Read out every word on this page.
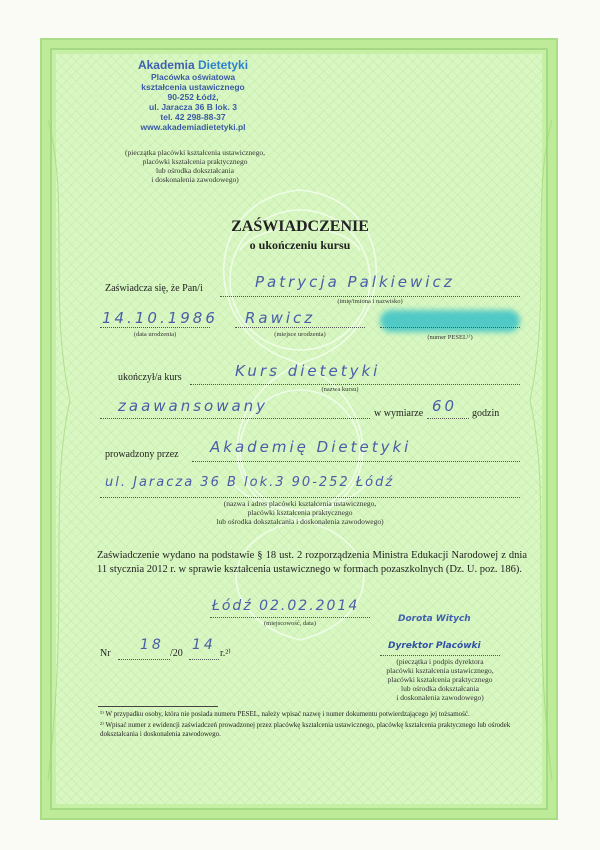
Akademia Dietetyki
Placówka oświatowa
kształcenia ustawicznego
90-252 Łódź,
ul. Jaracza 36 B lok. 3
tel. 42 298-88-37
www.akademiadietetyki.pl
(pieczątka placówki kształcenia ustawicznego,
placówki kształcenia praktycznego
lub ośrodka dokształcania
i doskonalenia zawodowego)
ZAŚWIADCZENIE
o ukończeniu kursu
Zaświadcza się, że Pan/i	Patrycja Palkiewicz
(imię/imiona i nazwisko)
14.10.1986
(data urodzenia)
Rawicz
(miejsce urodzenia)	(numer PESEL¹⁾)
ukończył/a kurs	Kurs dietetyki
(nazwa kursu)
zaawansowany	w wymiarze 60 godzin
prowadzony przez Akademię Dietetyki
ul. Jaracza 36 B lok.3 90-252 Łódź
(nazwa i adres placówki kształcenia ustawicznego,
placówki kształcenia praktycznego
lub ośrodka dokształcania i doskonalenia zawodowego)
Zaświadczenie wydano na podstawie § 18 ust. 2 rozporządzenia Ministra Edukacji Narodowej z dnia 11 stycznia 2012 r. w sprawie kształcenia ustawicznego w formach pozaszkolnych (Dz. U. poz. 186).
Łódź 02.02.2014
(miejscowość, data)	Dorota Witych
Nr
18
/20
14
r.²⁾
Dyrektor Placówki
(pieczątka i podpis dyrektora
placówki kształcenia ustawicznego,
placówki kształcenia praktycznego
lub ośrodka dokształcania
i doskonalenia zawodowego)
¹⁾ W przypadku osoby, która nie posiada numeru PESEL, należy wpisać nazwę i numer dokumentu potwierdzającego jej tożsamość.
²⁾ Wpisać numer z ewidencji zaświadczeń prowadzonej przez placówkę kształcenia ustawicznego, placówkę kształcenia praktycznego lub ośrodek dokształcania i doskonalenia zawodowego.
